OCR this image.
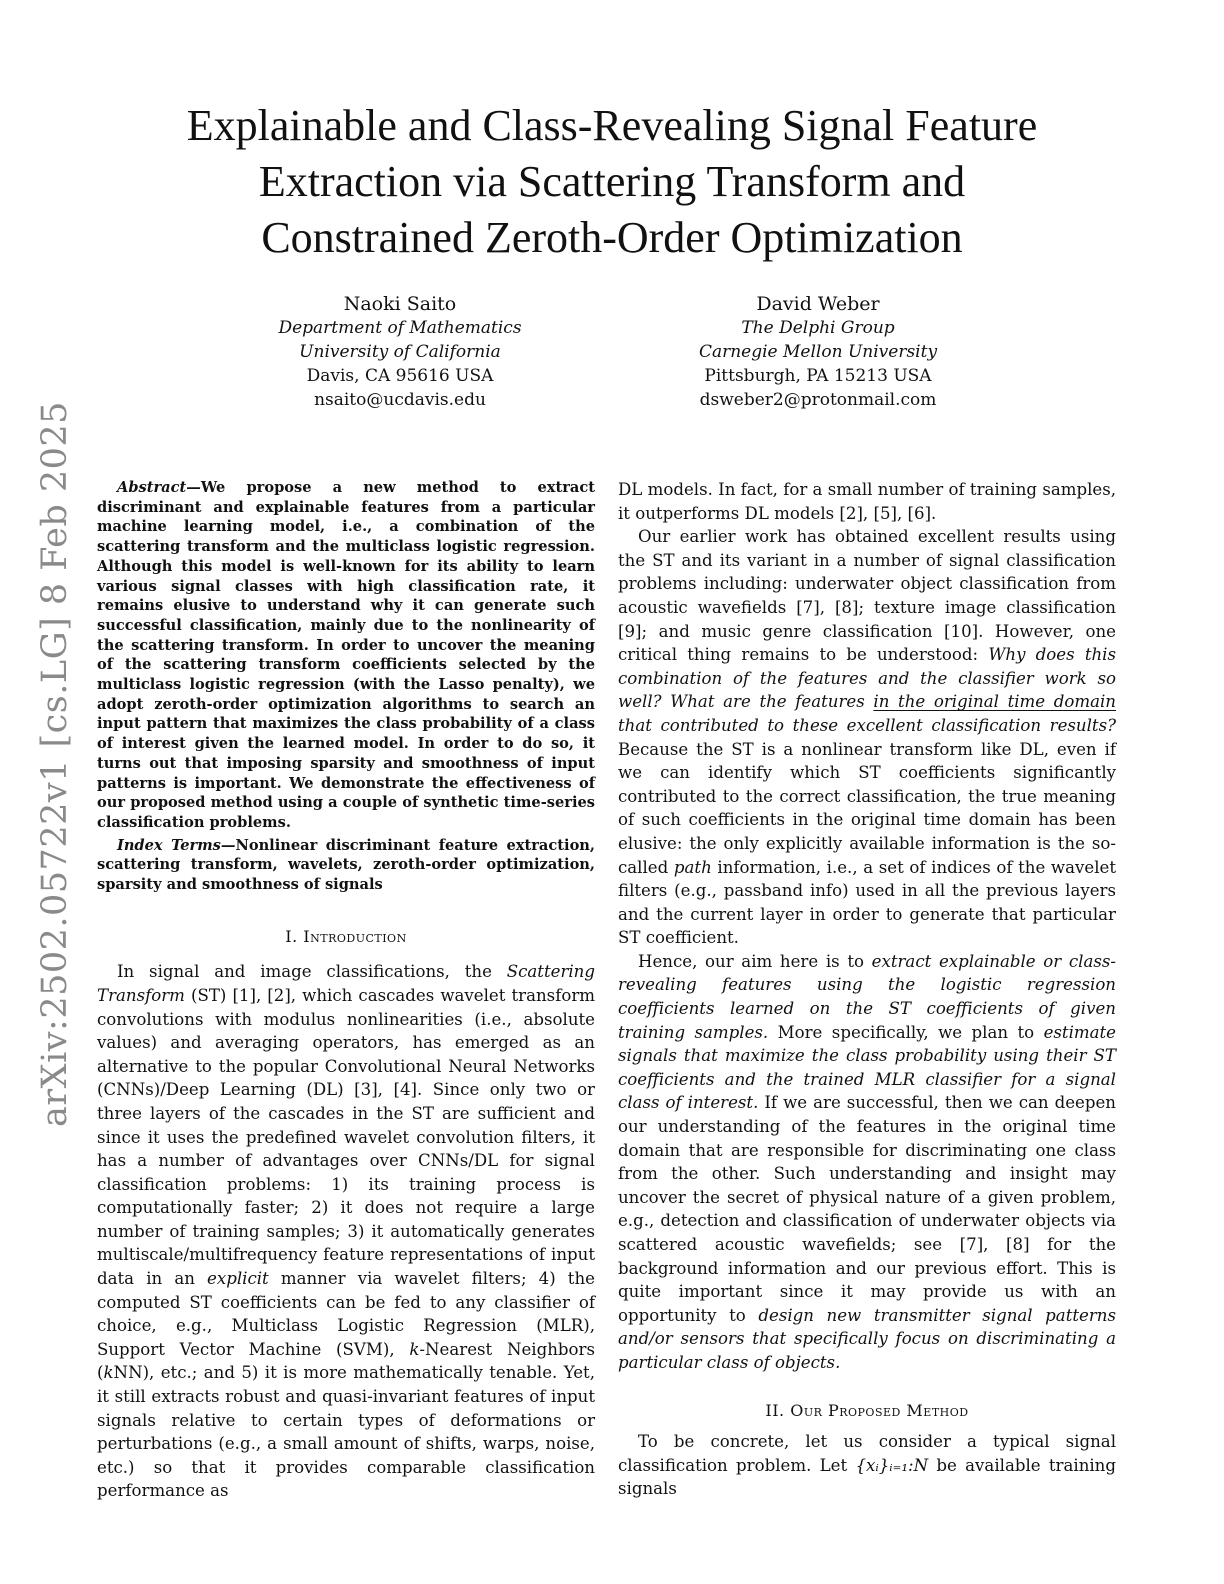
arXiv:2502.05722v1 [cs.LG] 8 Feb 2025
Explainable and Class-Revealing Signal Feature
Extraction via Scattering Transform and
Constrained Zeroth-Order Optimization
Naoki Saito
Department of Mathematics
University of California
Davis, CA 95616 USA
nsaito@ucdavis.edu
David Weber
The Delphi Group
Carnegie Mellon University
Pittsburgh, PA 15213 USA
dsweber2@protonmail.com

Abstract—We propose a new method to extract discriminant and explainable features from a particular machine learning model, i.e., a combination of the scattering transform and the multiclass logistic regression. Although this model is well-known for its ability to learn various signal classes with high classification rate, it remains elusive to understand why it can generate such successful classification, mainly due to the nonlinearity of the scattering transform. In order to uncover the meaning of the scattering transform coefficients selected by the multiclass logistic regression (with the Lasso penalty), we adopt zeroth-order optimization algorithms to search an input pattern that maximizes the class probability of a class of interest given the learned model. In order to do so, it turns out that imposing sparsity and smoothness of input patterns is important. We demonstrate the effectiveness of our proposed method using a couple of synthetic time-series classification problems.

Index Terms—Nonlinear discriminant feature extraction, scattering transform, wavelets, zeroth-order optimization, sparsity and smoothness of signals

I. Introduction

In signal and image classifications, the Scattering Transform (ST) [1], [2], which cascades wavelet transform convolutions with modulus nonlinearities (i.e., absolute values) and averaging operators, has emerged as an alternative to the popular Convolutional Neural Networks (CNNs)/Deep Learning (DL) [3], [4]. Since only two or three layers of the cascades in the ST are sufficient and since it uses the predefined wavelet convolution filters, it has a number of advantages over CNNs/DL for signal classification problems: 1) its training process is computationally faster; 2) it does not require a large number of training samples; 3) it automatically generates multiscale/multifrequency feature representations of input data in an explicit manner via wavelet filters; 4) the computed ST coefficients can be fed to any classifier of choice, e.g., Multiclass Logistic Regression (MLR), Support Vector Machine (SVM), k-Nearest Neighbors (kNN), etc.; and 5) it is more mathematically tenable. Yet, it still extracts robust and quasi-invariant features of input signals relative to certain types of deformations or perturbations (e.g., a small amount of shifts, warps, noise, etc.) so that it provides comparable classification performance as

DL models. In fact, for a small number of training samples, it outperforms DL models [2], [5], [6].

Our earlier work has obtained excellent results using the ST and its variant in a number of signal classification problems including: underwater object classification from acoustic wavefields [7], [8]; texture image classification [9]; and music genre classification [10]. However, one critical thing remains to be understood: Why does this combination of the features and the classifier work so well? What are the features in the original time domain that contributed to these excellent classification results? Because the ST is a nonlinear transform like DL, even if we can identify which ST coefficients significantly contributed to the correct classification, the true meaning of such coefficients in the original time domain has been elusive: the only explicitly available information is the so-called path information, i.e., a set of indices of the wavelet filters (e.g., passband info) used in all the previous layers and the current layer in order to generate that particular ST coefficient.

Hence, our aim here is to extract explainable or class-revealing features using the logistic regression coefficients learned on the ST coefficients of given training samples. More specifically, we plan to estimate signals that maximize the class probability using their ST coefficients and the trained MLR classifier for a signal class of interest. If we are successful, then we can deepen our understanding of the features in the original time domain that are responsible for discriminating one class from the other. Such understanding and insight may uncover the secret of physical nature of a given problem, e.g., detection and classification of underwater objects via scattered acoustic wavefields; see [7], [8] for the background information and our previous effort. This is quite important since it may provide us with an opportunity to design new transmitter signal patterns and/or sensors that specifically focus on discriminating a particular class of objects.

II. Our Proposed Method

To be concrete, let us consider a typical signal classification problem. Let {xᵢ}ᵢ₌₁:N be available training signals
